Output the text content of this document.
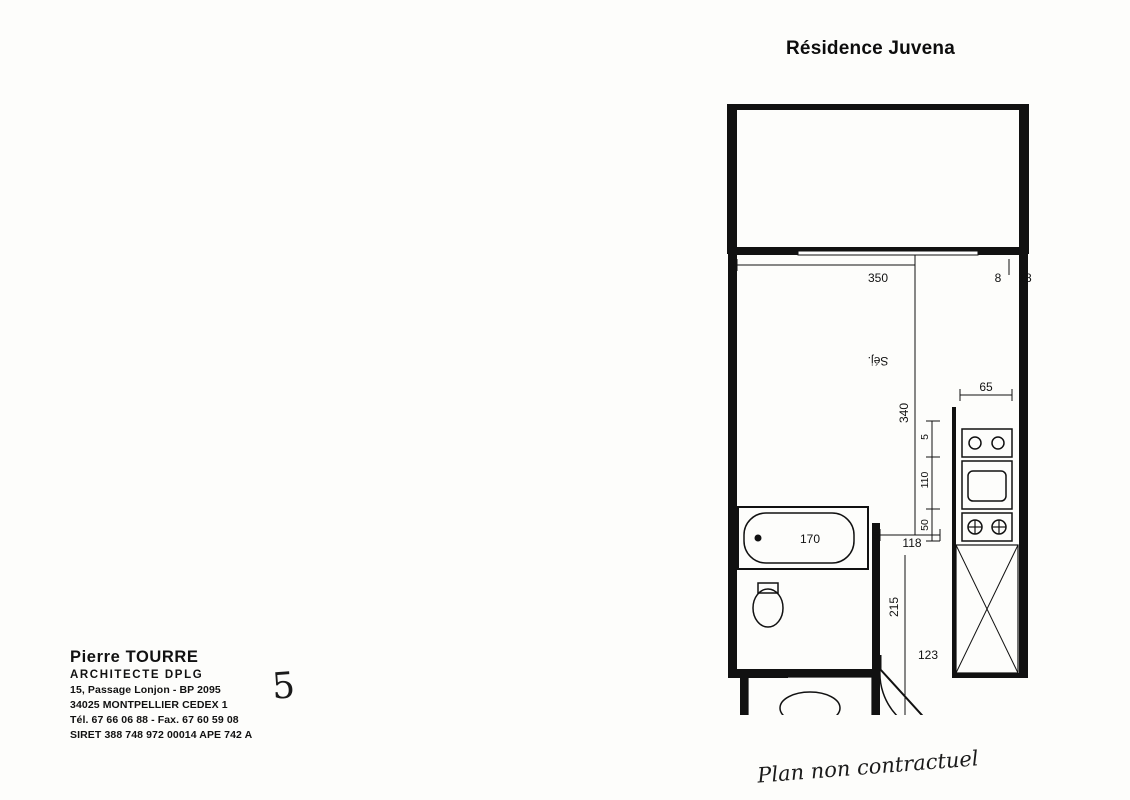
Résidence Juvena
Pierre TOURRE
ARCHITECTE DPLG
15, Passage Lonjon - BP 2095
34025 MONTPELLIER CEDEX 1
Tél. 67 66 06 88 - Fax. 67 60 59 08
SIRET 388 748 972 00014 APE 742 A
5
Plan non contractuel
Séj.
350	8 18
340
65
5
110
50
170	5 118
215
123
